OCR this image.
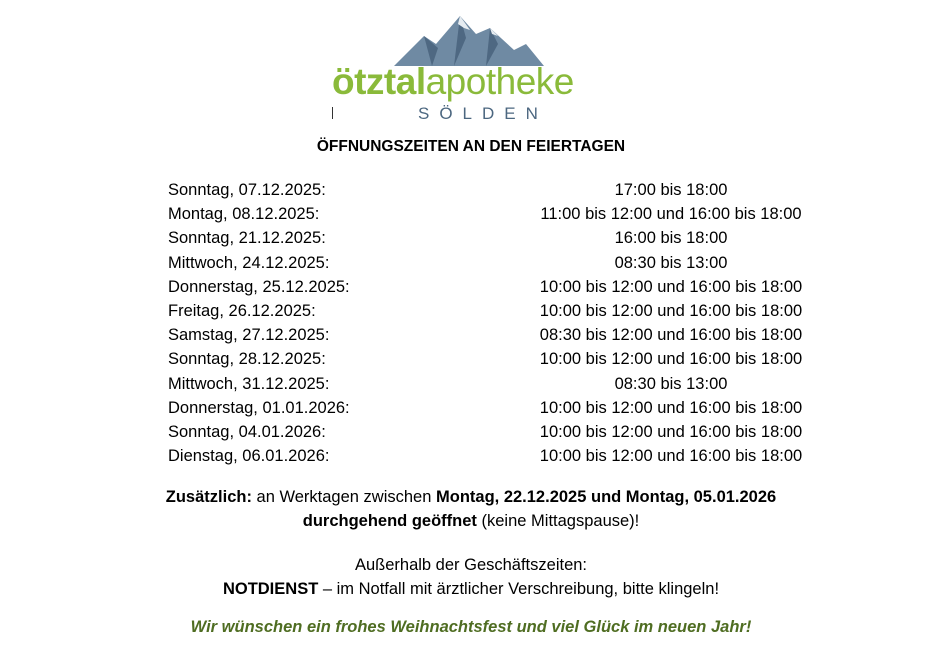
ötztalapotheke
SÖLDEN
ÖFFNUNGSZEITEN AN DEN FEIERTAGEN
Sonntag, 07.12.2025:	17:00 bis 18:00
Montag, 08.12.2025:	11:00 bis 12:00 und 16:00 bis 18:00
Sonntag, 21.12.2025:	16:00 bis 18:00
Mittwoch, 24.12.2025:	08:30 bis 13:00
Donnerstag, 25.12.2025:	10:00 bis 12:00 und 16:00 bis 18:00
Freitag, 26.12.2025:	10:00 bis 12:00 und 16:00 bis 18:00
Samstag, 27.12.2025:	08:30 bis 12:00 und 16:00 bis 18:00
Sonntag, 28.12.2025:	10:00 bis 12:00 und 16:00 bis 18:00
Mittwoch, 31.12.2025:	08:30 bis 13:00
Donnerstag, 01.01.2026:	10:00 bis 12:00 und 16:00 bis 18:00
Sonntag, 04.01.2026:	10:00 bis 12:00 und 16:00 bis 18:00
Dienstag, 06.01.2026:	10:00 bis 12:00 und 16:00 bis 18:00
Zusätzlich: an Werktagen zwischen Montag, 22.12.2025 und Montag, 05.01.2026
durchgehend geöffnet (keine Mittagspause)!
Außerhalb der Geschäftszeiten:
NOTDIENST – im Notfall mit ärztlicher Verschreibung, bitte klingeln!
Wir wünschen ein frohes Weihnachtsfest und viel Glück im neuen Jahr!
